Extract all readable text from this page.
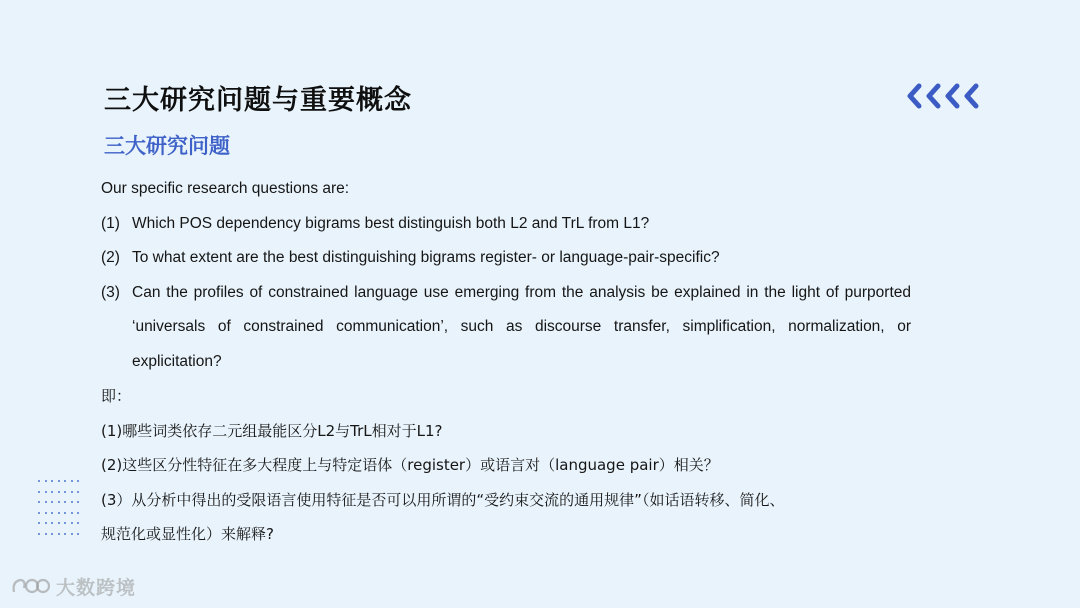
三大研究问题与重要概念
三大研究问题
Our specific research questions are:
(1) Which POS dependency bigrams best distinguish both L2 and TrL from L1?
(2) To what extent are the best distinguishing bigrams register- or language-pair-specific?
(3) Can the profiles of constrained language use emerging from the analysis be explained in the light of purported ‘universals of constrained communication’, such as discourse transfer, simplification, normalization, or explicitation?
即：
(1)哪些词类依存二元组最能区分L2与TrL相对于L1?
(2)这些区分性特征在多大程度上与特定语体（register）或语言对（language pair）相关？
(3）从分析中得出的受限语言使用特征是否可以用所谓的“受约束交流的通用规律”（如话语转移、简化、
规范化或显性化）来解释?
大数跨境
